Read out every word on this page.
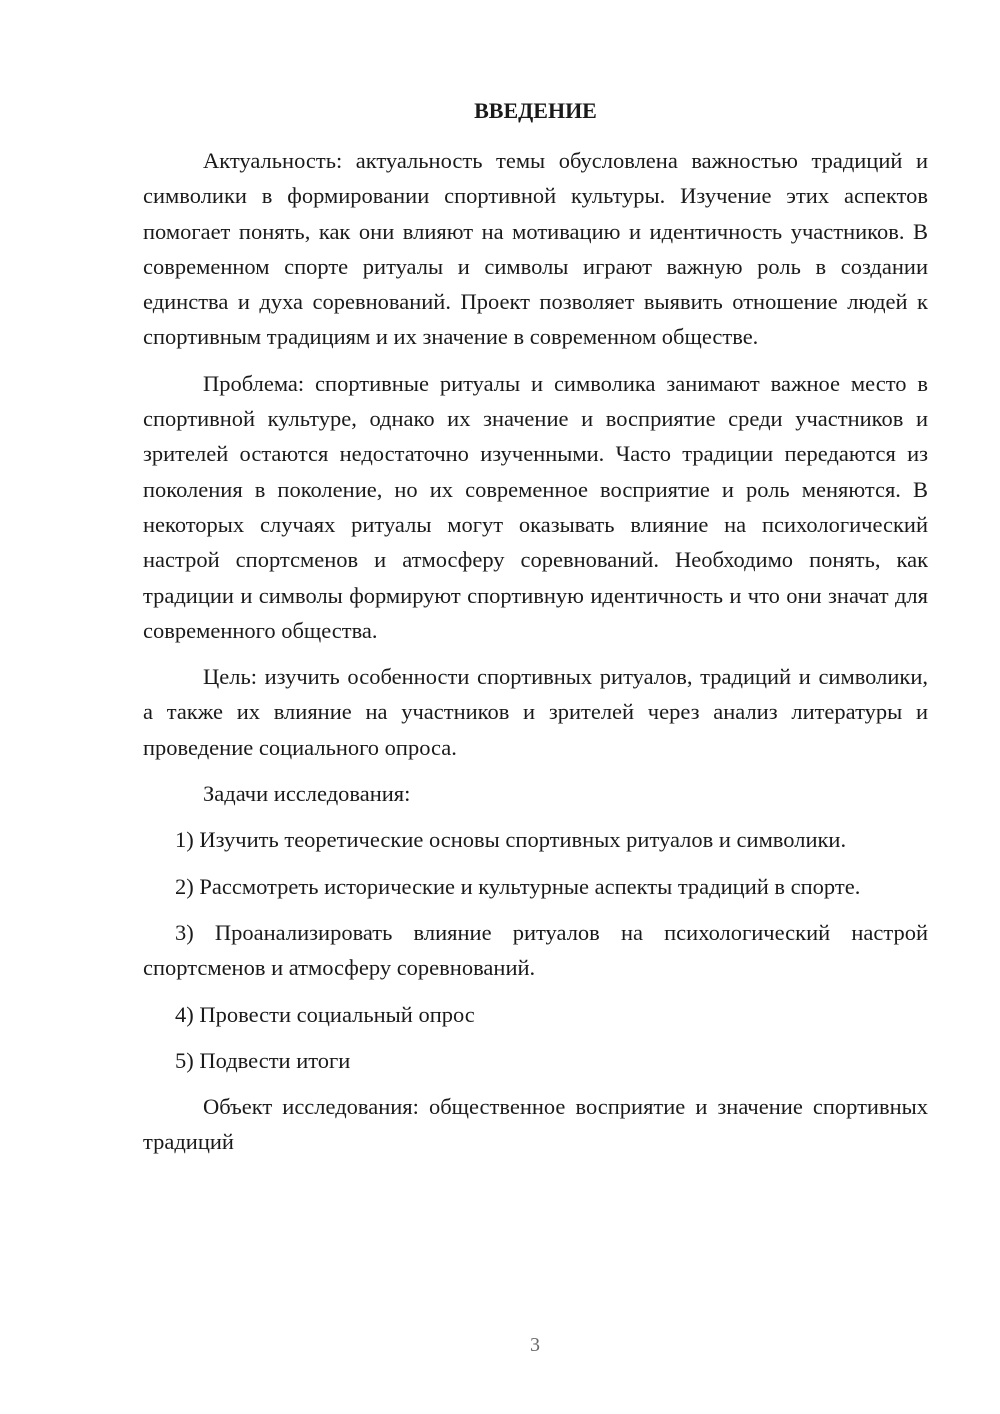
ВВЕДЕНИЕ

Актуальность: актуальность темы обусловлена важностью традиций и символики в формировании спортивной культуры. Изучение этих аспектов помогает понять, как они влияют на мотивацию и идентичность участников. В современном спорте ритуалы и символы играют важную роль в создании единства и духа соревнований. Проект позволяет выявить отношение людей к спортивным традициям и их значение в современном обществе.

Проблема: спортивные ритуалы и символика занимают важное место в спортивной культуре, однако их значение и восприятие среди участников и зрителей остаются недостаточно изученными. Часто традиции передаются из поколения в поколение, но их современное восприятие и роль меняются. В некоторых случаях ритуалы могут оказывать влияние на психологический настрой спортсменов и атмосферу соревнований. Необходимо понять, как традиции и символы формируют спортивную идентичность и что они значат для современного общества.

Цель: изучить особенности спортивных ритуалов, традиций и символики, а также их влияние на участников и зрителей через анализ литературы и проведение социального опроса.

Задачи исследования:

1) Изучить теоретические основы спортивных ритуалов и символики.

2) Рассмотреть исторические и культурные аспекты традиций в спорте.

3) Проанализировать влияние ритуалов на психологический настрой спортсменов и атмосферу соревнований.

4) Провести социальный опрос

5) Подвести итоги

Объект исследования: общественное восприятие и значение спортивных традиций

3
